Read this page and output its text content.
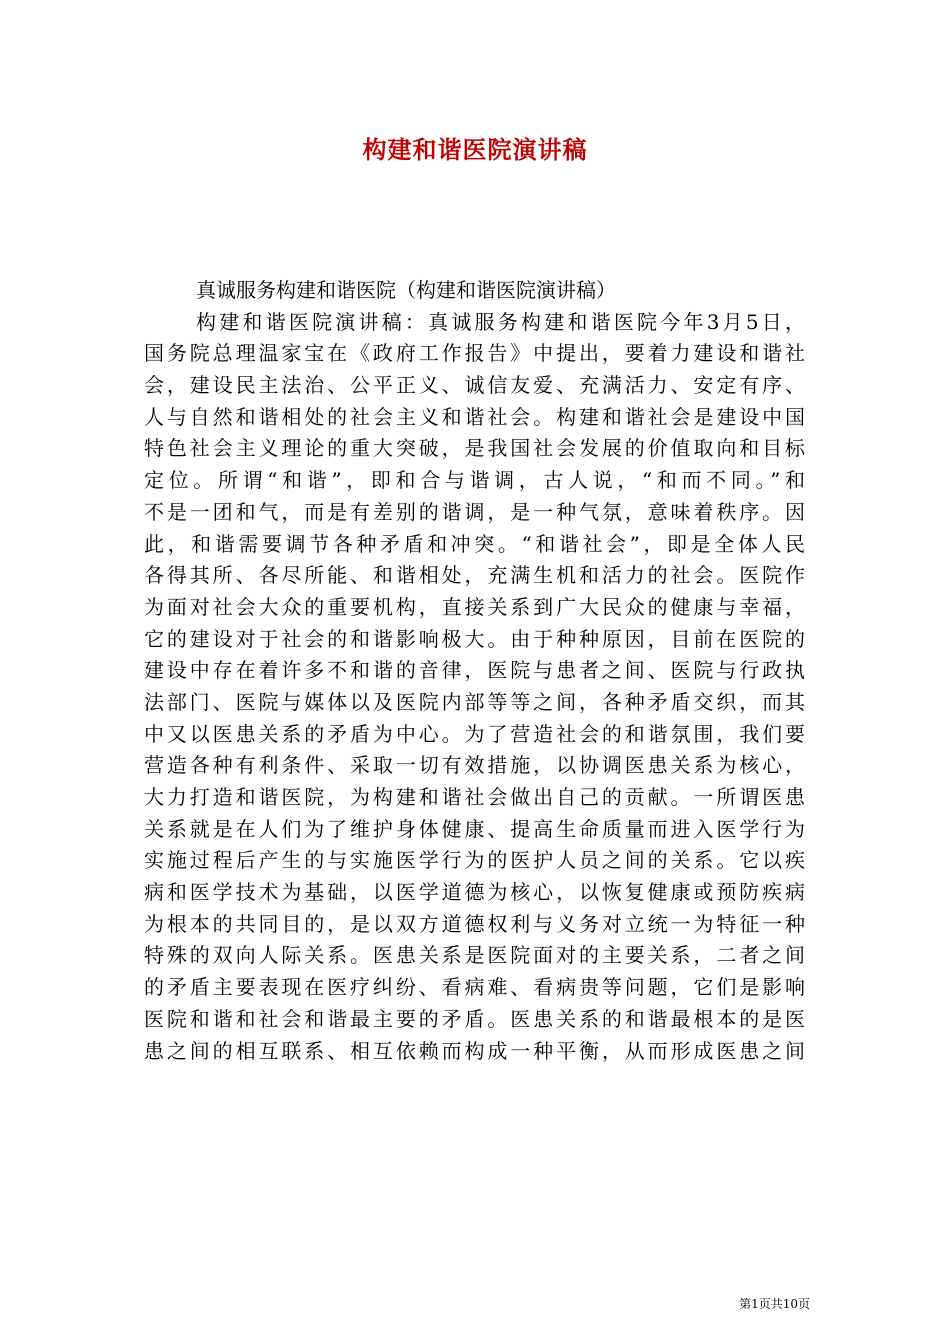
构建和谐医院演讲稿
真诚服务构建和谐医院（构建和谐医院演讲稿）
构建和谐医院演讲稿：真诚服务构建和谐医院今年3月5日，
国务院总理温家宝在《政府工作报告》中提出，要着力建设和谐社
会，建设民主法治、公平正义、诚信友爱、充满活力、安定有序、
人与自然和谐相处的社会主义和谐社会。构建和谐社会是建设中国
特色社会主义理论的重大突破，是我国社会发展的价值取向和目标
定位。所谓“和谐”，即和合与谐调，古人说，“和而不同。”和
不是一团和气，而是有差别的谐调，是一种气氛，意味着秩序。因
此，和谐需要调节各种矛盾和冲突。“和谐社会”，即是全体人民
各得其所、各尽所能、和谐相处，充满生机和活力的社会。医院作
为面对社会大众的重要机构，直接关系到广大民众的健康与幸福，
它的建设对于社会的和谐影响极大。由于种种原因，目前在医院的
建设中存在着许多不和谐的音律，医院与患者之间、医院与行政执
法部门、医院与媒体以及医院内部等等之间，各种矛盾交织，而其
中又以医患关系的矛盾为中心。为了营造社会的和谐氛围，我们要
营造各种有利条件、采取一切有效措施，以协调医患关系为核心，
大力打造和谐医院，为构建和谐社会做出自己的贡献。一所谓医患
关系就是在人们为了维护身体健康、提高生命质量而进入医学行为
实施过程后产生的与实施医学行为的医护人员之间的关系。它以疾
病和医学技术为基础，以医学道德为核心，以恢复健康或预防疾病
为根本的共同目的，是以双方道德权利与义务对立统一为特征一种
特殊的双向人际关系。医患关系是医院面对的主要关系，二者之间
的矛盾主要表现在医疗纠纷、看病难、看病贵等问题，它们是影响
医院和谐和社会和谐最主要的矛盾。医患关系的和谐最根本的是医
患之间的相互联系、相互依赖而构成一种平衡，从而形成医患之间
第1页共10页
